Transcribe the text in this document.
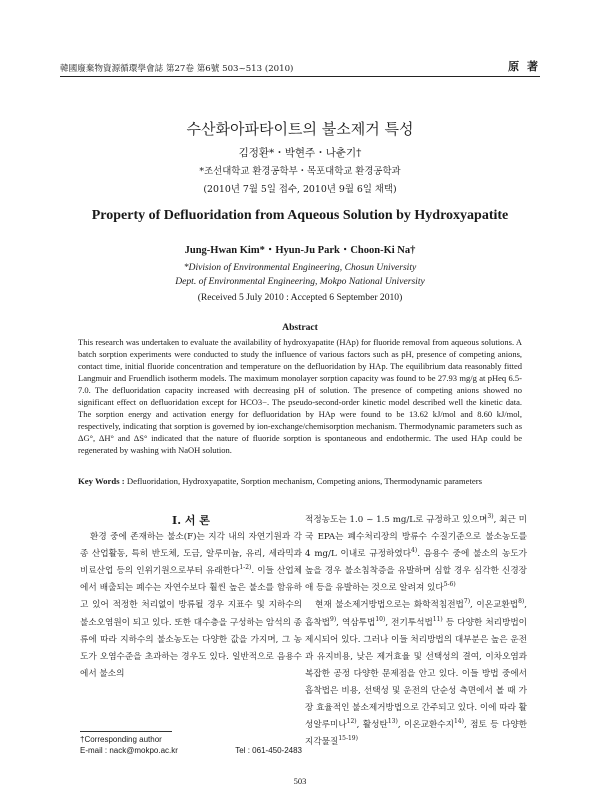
韓國廢棄物資源循環學會誌 第27卷 第6號 503~513 (2010)	原 著
수산화아파타이트의 불소제거 특성
김정환*・박현주・나춘기†
*조선대학교 환경공학부・목포대학교 환경공학과
(2010년 7월 5일 접수, 2010년 9월 6일 채택)
Property of Defluoridation from Aqueous Solution by Hydroxyapatite
Jung-Hwan Kim*・Hyun-Ju Park・Choon-Ki Na†
*Division of Environmental Engineering, Chosun University
Dept. of Environmental Engineering, Mokpo National University
(Received 5 July 2010 : Accepted 6 September 2010)
Abstract
This research was undertaken to evaluate the availability of hydroxyapatite (HAp) for fluoride removal from aqueous solutions. A batch sorption experiments were conducted to study the influence of various factors such as pH, presence of competing anions, contact time, initial fluoride concentration and temperature on the defluoridation by HAp. The equilibrium data reasonably fitted Langmuir and Fruendlich isotherm models. The maximum monolayer sorption capacity was found to be 27.93 mg/g at pHeq 6.5-7.0. The defluoridation capacity increased with decreasing pH of solution. The presence of competing anions showed no significant effect on defluoridation except for HCO3−. The pseudo-second-order kinetic model described well the kinetic data. The sorption energy and activation energy for defluoridation by HAp were found to be 13.62 kJ/mol and 8.60 kJ/mol, respectively, indicating that sorption is governed by ion-exchange/chemisorption mechanism. Thermodynamic parameters such as ΔG°, ΔH° and ΔS° indicated that the nature of fluoride sorption is spontaneous and endothermic. The used HAp could be regenerated by washing with NaOH solution.
Key Words : Defluoridation, Hydroxyapatite, Sorption mechanism, Competing anions, Thermodynamic parameters

I. 서 론

환경 중에 존재하는 불소(F)는 지각 내의 자연기원과 각종 산업활동, 특히 반도체, 도금, 알루미늄, 유리, 세라믹과 비료산업 등의 인위기원으로부터 유래한다$^{1-2)}$. 이들 산업체에서 배출되는 폐수는 자연수보다 훨씬 높은 불소를 함유하고 있어 적정한 처리없이 방류될 경우 지표수 및 지하수의 불소오염원이 되고 있다. 또한 대수층을 구성하는 암석의 종류에 따라 지하수의 불소농도는 다양한 값을 가지며, 그 농도가 오염수준을 초과하는 경우도 있다. 일반적으로 음용수에서 불소의

적정농도는 1.0 ~ 1.5 mg/L로 규정하고 있으며$^{3)}$, 최근 미국 EPA는 폐수처리장의 방류수 수질기준으로 불소농도를 4 mg/L 이내로 규정하였다$^{4)}$. 음용수 중에 불소의 농도가 높을 경우 불소침착증을 유발하며 심할 경우 심각한 신경장애 등을 유발하는 것으로 알려져 있다$^{5-6)}$

현재 불소제거방법으로는 화학적침전법$^{7)}$, 이온교환법$^{8)}$, 흡착법$^{9)}$, 역삼투법$^{10)}$, 전기투석법$^{11)}$ 등 다양한 처리방법이 제시되어 있다. 그러나 이들 처리방법의 대부분은 높은 운전과 유지비용, 낮은 제거효율 및 선택성의 결여, 이차오염과 복잡한 공정 다양한 문제점을 안고 있다. 이들 방법 중에서 흡착법은 비용, 선택성 및 운전의 단순성 측면에서 볼 때 가장 효율적인 불소제거방법으로 간주되고 있다. 이에 따라 활성알루미나$^{12)}$, 활성탄$^{13)}$, 이온교환수지$^{14)}$, 점토 등 다양한 지각물질$^{15-19)}$

†Corresponding author
E-mail : nack@mokpo.ac.kr	Tel : 061-450-2483
503
